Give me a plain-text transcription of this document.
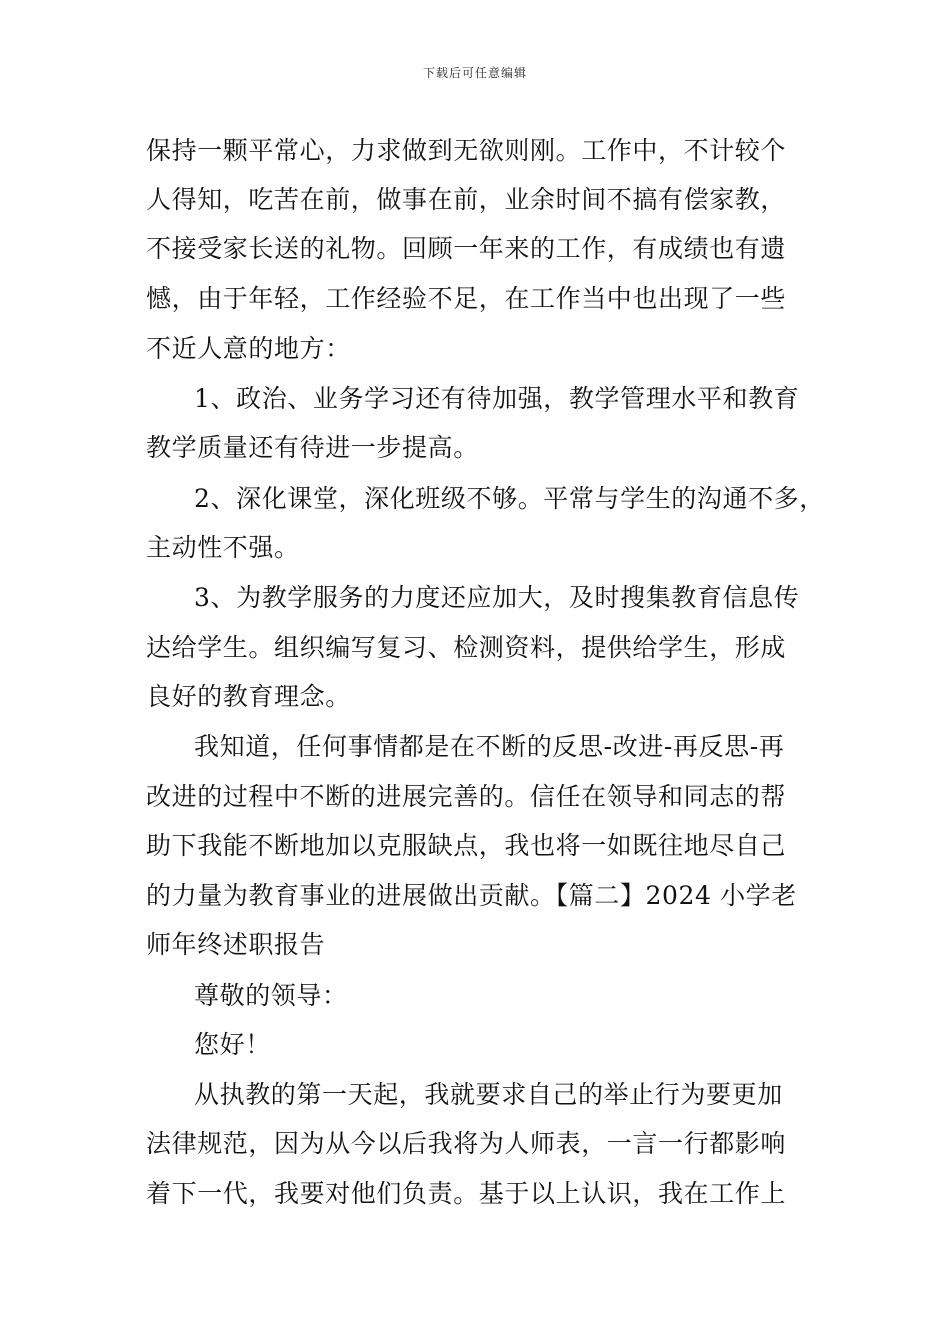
下载后可任意编辑
保持一颗平常心，力求做到无欲则刚。工作中，不计较个
人得知，吃苦在前，做事在前，业余时间不搞有偿家教，
不接受家长送的礼物。回顾一年来的工作，有成绩也有遗
憾，由于年轻，工作经验不足，在工作当中也出现了一些
不近人意的地方：
1、政治、业务学习还有待加强，教学管理水平和教育
教学质量还有待进一步提高。
2、深化课堂，深化班级不够。平常与学生的沟通不多，
主动性不强。
3、为教学服务的力度还应加大，及时搜集教育信息传
达给学生。组织编写复习、检测资料，提供给学生，形成
良好的教育理念。
我知道，任何事情都是在不断的反思-改进-再反思-再
改进的过程中不断的进展完善的。信任在领导和同志的帮
助下我能不断地加以克服缺点，我也将一如既往地尽自己
的力量为教育事业的进展做出贡献。【篇二】2024 小学老
师年终述职报告
尊敬的领导：
您好！
从执教的第一天起，我就要求自己的举止行为要更加
法律规范，因为从今以后我将为人师表，一言一行都影响
着下一代，我要对他们负责。基于以上认识，我在工作上
